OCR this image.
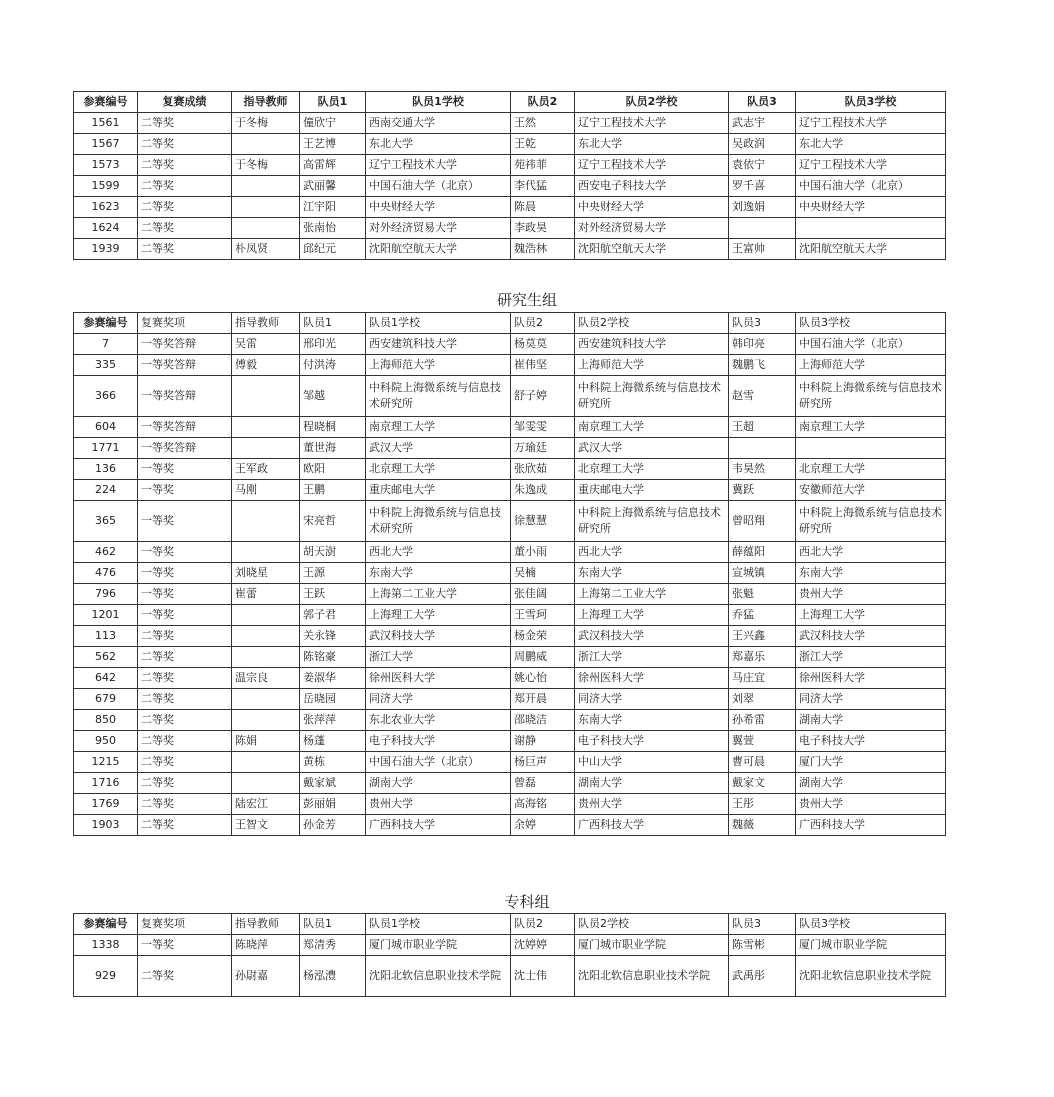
参赛编号	复赛成绩	指导教师	队员1	队员1学校	队员2	队员2学校	队员3	队员3学校
1561	二等奖	于冬梅	僮欣宁	西南交通大学	王然	辽宁工程技术大学	武志宇	辽宁工程技术大学
1567	二等奖		王艺博	东北大学	王乾	东北大学	吴政润	东北大学
1573	二等奖	于冬梅	高雷辉	辽宁工程技术大学	苑祎菲	辽宁工程技术大学	袁依宁	辽宁工程技术大学
1599	二等奖		武丽馨	中国石油大学（北京）	李代猛	西安电子科技大学	罗千喜	中国石油大学（北京）
1623	二等奖		江宇阳	中央财经大学	陈晨	中央财经大学	刘逸娟	中央财经大学
1624	二等奖		张南怡	对外经济贸易大学	李政昊	对外经济贸易大学		
1939	二等奖	朴凤贤	邱纪元	沈阳航空航天大学	魏浩林	沈阳航空航天大学	王富帅	沈阳航空航天大学
研究生组
参赛编号	复赛奖项	指导教师	队员1	队员1学校	队员2	队员2学校	队员3	队员3学校
7	一等奖答辩	吴雷	邢印光	西安建筑科技大学	杨莫莫	西安建筑科技大学	韩印亮	中国石油大学（北京）
335	一等奖答辩	傅毅	付洪涛	上海师范大学	崔伟坚	上海师范大学	魏鹏飞	上海师范大学
366	一等奖答辩		邹越	中科院上海微系统与信息技术研究所	舒子婷	中科院上海微系统与信息技术研究所	赵雪	中科院上海微系统与信息技术研究所
604	一等奖答辩		程晓桐	南京理工大学	邹雯雯	南京理工大学	王超	南京理工大学
1771	一等奖答辩		董世海	武汉大学	万瑜廷	武汉大学		
136	一等奖	王军政	欧阳	北京理工大学	张欣茹	北京理工大学	韦昊然	北京理工大学
224	一等奖	马刚	王鹏	重庆邮电大学	朱逸成	重庆邮电大学	冀跃	安徽师范大学
365	一等奖		宋亮哲	中科院上海微系统与信息技术研究所	徐慧慧	中科院上海微系统与信息技术研究所	曾昭翔	中科院上海微系统与信息技术研究所
462	一等奖		胡天澍	西北大学	董小雨	西北大学	薛蕴阳	西北大学
476	一等奖	刘晓星	王源	东南大学	吴楠	东南大学	宣城镇	东南大学
796	一等奖	崔蕾	王跃	上海第二工业大学	张佳阔	上海第二工业大学	张魁	贵州大学
1201	一等奖		郭子君	上海理工大学	王雪珂	上海理工大学	乔猛	上海理工大学
113	二等奖		关永锋	武汉科技大学	杨金荣	武汉科技大学	王兴鑫	武汉科技大学
562	二等奖		陈铭豪	浙江大学	周鹏威	浙江大学	郑嘉乐	浙江大学
642	二等奖	温宗良	姜淑华	徐州医科大学	姚心怡	徐州医科大学	马庄宜	徐州医科大学
679	二等奖		岳晓园	同济大学	郑开晨	同济大学	刘翠	同济大学
850	二等奖		张萍萍	东北农业大学	邵晓洁	东南大学	孙希雷	湖南大学
950	二等奖	陈娟	杨蓬	电子科技大学	谢静	电子科技大学	翼萱	电子科技大学
1215	二等奖		黄栋	中国石油大学（北京）	杨巨声	中山大学	曹可晨	厦门大学
1716	二等奖		戴家斌	湖南大学	曾磊	湖南大学	戴家文	湖南大学
1769	二等奖	陆宏江	彭丽娟	贵州大学	高海铭	贵州大学	王彤	贵州大学
1903	二等奖	王智文	孙金芳	广西科技大学	余婷	广西科技大学	魏薇	广西科技大学
专科组
参赛编号	复赛奖项	指导教师	队员1	队员1学校	队员2	队员2学校	队员3	队员3学校
1338	一等奖	陈晓萍	郑清秀	厦门城市职业学院	沈婷婷	厦门城市职业学院	陈雪彬	厦门城市职业学院
929	二等奖	孙尉嘉	杨泓澧	沈阳北软信息职业技术学院	沈士伟	沈阳北软信息职业技术学院	武禹彤	沈阳北软信息职业技术学院
